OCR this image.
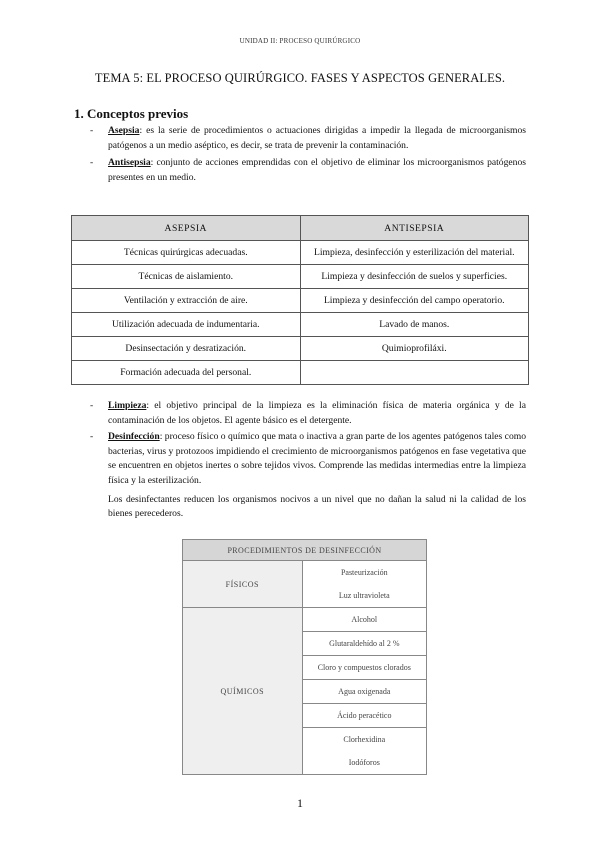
UNIDAD II: PROCESO QUIRÚRGICO
TEMA 5: EL PROCESO QUIRÚRGICO. FASES Y ASPECTOS GENERALES.
1. Conceptos previos
- Asepsia: es la serie de procedimientos o actuaciones dirigidas a impedir la llegada de microorganismos patógenos a un medio aséptico, es decir, se trata de prevenir la contaminación.
- Antisepsia: conjunto de acciones emprendidas con el objetivo de eliminar los microorganismos patógenos presentes en un medio.
ASEPSIA	ANTISEPSIA
Técnicas quirúrgicas adecuadas.	Limpieza, desinfección y esterilización del material.
Técnicas de aislamiento.	Limpieza y desinfección de suelos y superficies.
Ventilación y extracción de aire.	Limpieza y desinfección del campo operatorio.
Utilización adecuada de indumentaria.	Lavado de manos.
Desinsectación y desratización.	Quimioprofiláxi.
Formación adecuada del personal.	
- Limpieza: el objetivo principal de la limpieza es la eliminación física de materia orgánica y de la contaminación de los objetos. El agente básico es el detergente.
- Desinfección: proceso físico o químico que mata o inactiva a gran parte de los agentes patógenos tales como bacterias, virus y protozoos impidiendo el crecimiento de microorganismos patógenos en fase vegetativa que se encuentren en objetos inertes o sobre tejidos vivos. Comprende las medidas intermedias entre la limpieza física y la esterilización.
Los desinfectantes reducen los organismos nocivos a un nivel que no dañan la salud ni la calidad de los bienes perecederos.
PROCEDIMIENTOS DE DESINFECCIÓN	
FÍSICOS	Pasteurización
	Luz ultravioleta
QUÍMICOS	Alcohol
	Glutaraldehído al 2 %
	Cloro y compuestos clorados
	Agua oxigenada
	Ácido peracético
	Clorhexidina
	Iodóforos
1
